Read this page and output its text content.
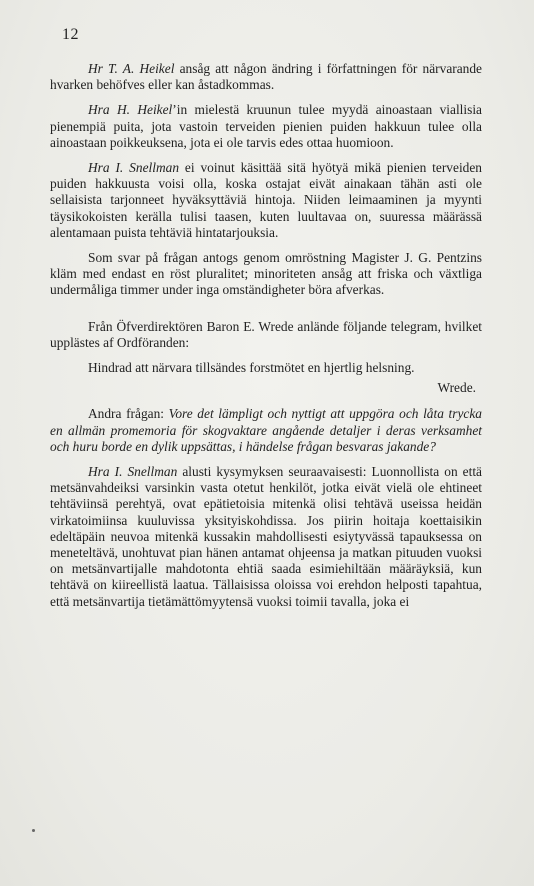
12

Hr T. A. Heikel ansåg att någon ändring i författningen för närvarande hvarken behöfves eller kan åstadkommas.

Hra H. Heikel’in mielestä kruunun tulee myydä ainoastaan viallisia pienempiä puita, jota vastoin terveiden pienien puiden hakkuun tulee olla ainoastaan poikkeuksena, jota ei ole tarvis edes ottaa huomioon.

Hra I. Snellman ei voinut käsittää sitä hyötyä mikä pienien terveiden puiden hakkuusta voisi olla, koska ostajat eivät ainakaan tähän asti ole sellaisista tarjonneet hyväksyttäviä hintoja. Niiden leimaaminen ja myynti täysikokoisten kerälla tulisi taasen, kuten luultavaa on, suuressa määrässä alentamaan puista tehtäviä hintatarjouksia.

Som svar på frågan antogs genom omröstning Magister J. G. Pentzins kläm med endast en röst pluralitet; minoriteten ansåg att friska och växtliga undermåliga timmer under inga omständigheter böra afverkas.

Från Öfverdirektören Baron E. Wrede anlände följande telegram, hvilket upplästes af Ordföranden:

Hindrad att närvara tillsändes forstmötet en hjertlig helsning.

Wrede.

Andra frågan: Vore det lämpligt och nyttigt att uppgöra och låta trycka en allmän promemoria för skogvaktare angående detaljer i deras verksamhet och huru borde en dylik uppsättas, i händelse frågan besvaras jakande?

Hra I. Snellman alusti kysymyksen seuraavaisesti: Luonnollista on että metsänvahdeiksi varsinkin vasta otetut henkilöt, jotka eivät vielä ole ehtineet tehtäviinsä perehtyä, ovat epätietoisia mitenkä olisi tehtävä useissa heidän virkatoimiinsa kuuluvissa yksityiskohdissa. Jos piirin hoitaja koettaisikin edeltäpäin neuvoa mitenkä kussakin mahdollisesti esiytyvässä tapauksessa on meneteltävä, unohtuvat pian hänen antamat ohjeensa ja matkan pituuden vuoksi on metsänvartijalle mahdotonta ehtiä saada esimiehiltään määräyksiä, kun tehtävä on kiireellistä laatua. Tällaisissa oloissa voi erehdon helposti tapahtua, että metsänvartija tietämättömyytensä vuoksi toimii tavalla, joka ei
